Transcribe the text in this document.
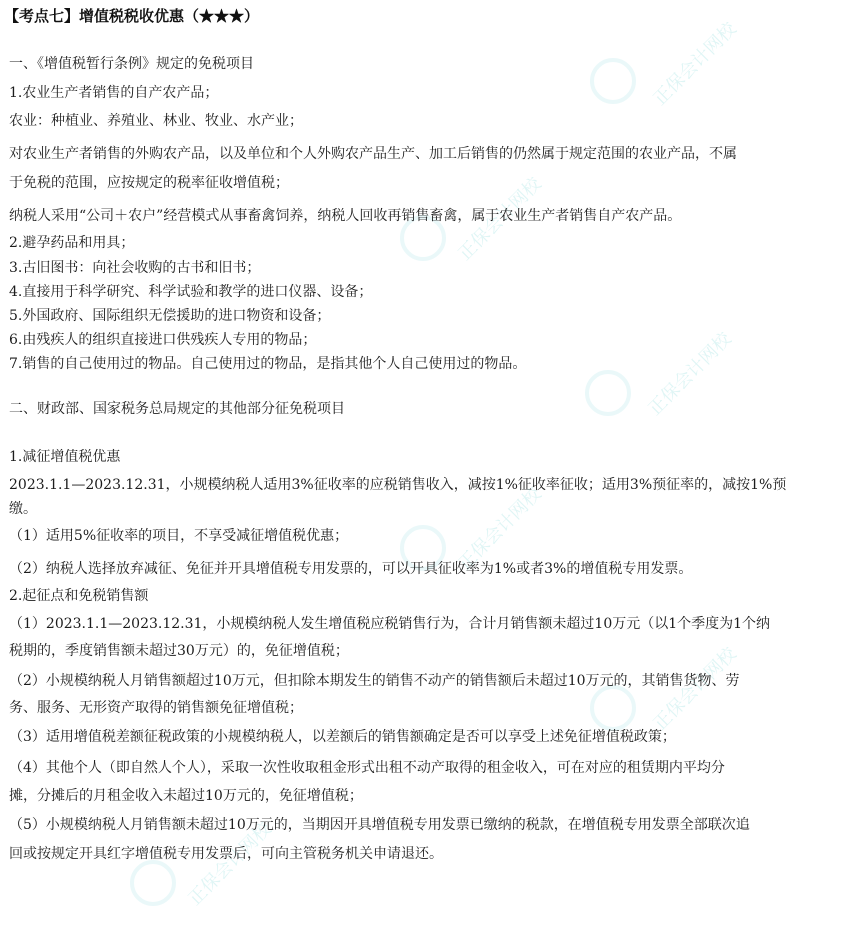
正保会计网校
正保会计网校
正保会计网校
正保会计网校
正保会计网校
正保会计网校
【考点七】增值税税收优惠（★★★）
一、《增值税暂行条例》规定的免税项目
1.农业生产者销售的自产农产品；
农业：种植业、养殖业、林业、牧业、水产业；
对农业生产者销售的外购农产品，以及单位和个人外购农产品生产、加工后销售的仍然属于规定范围的农业产品，不属
于免税的范围，应按规定的税率征收增值税；
纳税人采用“公司＋农户”经营模式从事畜禽饲养，纳税人回收再销售畜禽，属于农业生产者销售自产农产品。
2.避孕药品和用具；
3.古旧图书：向社会收购的古书和旧书；
4.直接用于科学研究、科学试验和教学的进口仪器、设备；
5.外国政府、国际组织无偿援助的进口物资和设备；
6.由残疾人的组织直接进口供残疾人专用的物品；
7.销售的自己使用过的物品。自己使用过的物品，是指其他个人自己使用过的物品。
二、财政部、国家税务总局规定的其他部分征免税项目
1.减征增值税优惠
2023.1.1—2023.12.31，小规模纳税人适用3%征收率的应税销售收入，减按1%征收率征收；适用3%预征率的，减按1%预
缴。
（1）适用5%征收率的项目，不享受减征增值税优惠；
（2）纳税人选择放弃减征、免征并开具增值税专用发票的，可以开具征收率为1%或者3%的增值税专用发票。
2.起征点和免税销售额
（1）2023.1.1—2023.12.31，小规模纳税人发生增值税应税销售行为，合计月销售额未超过10万元（以1个季度为1个纳
税期的，季度销售额未超过30万元）的，免征增值税；
（2）小规模纳税人月销售额超过10万元，但扣除本期发生的销售不动产的销售额后未超过10万元的，其销售货物、劳
务、服务、无形资产取得的销售额免征增值税；
（3）适用增值税差额征税政策的小规模纳税人，以差额后的销售额确定是否可以享受上述免征增值税政策；
（4）其他个人（即自然人个人），采取一次性收取租金形式出租不动产取得的租金收入，可在对应的租赁期内平均分
摊，分摊后的月租金收入未超过10万元的，免征增值税；
（5）小规模纳税人月销售额未超过10万元的，当期因开具增值税专用发票已缴纳的税款，在增值税专用发票全部联次追
回或按规定开具红字增值税专用发票后，可向主管税务机关申请退还。
